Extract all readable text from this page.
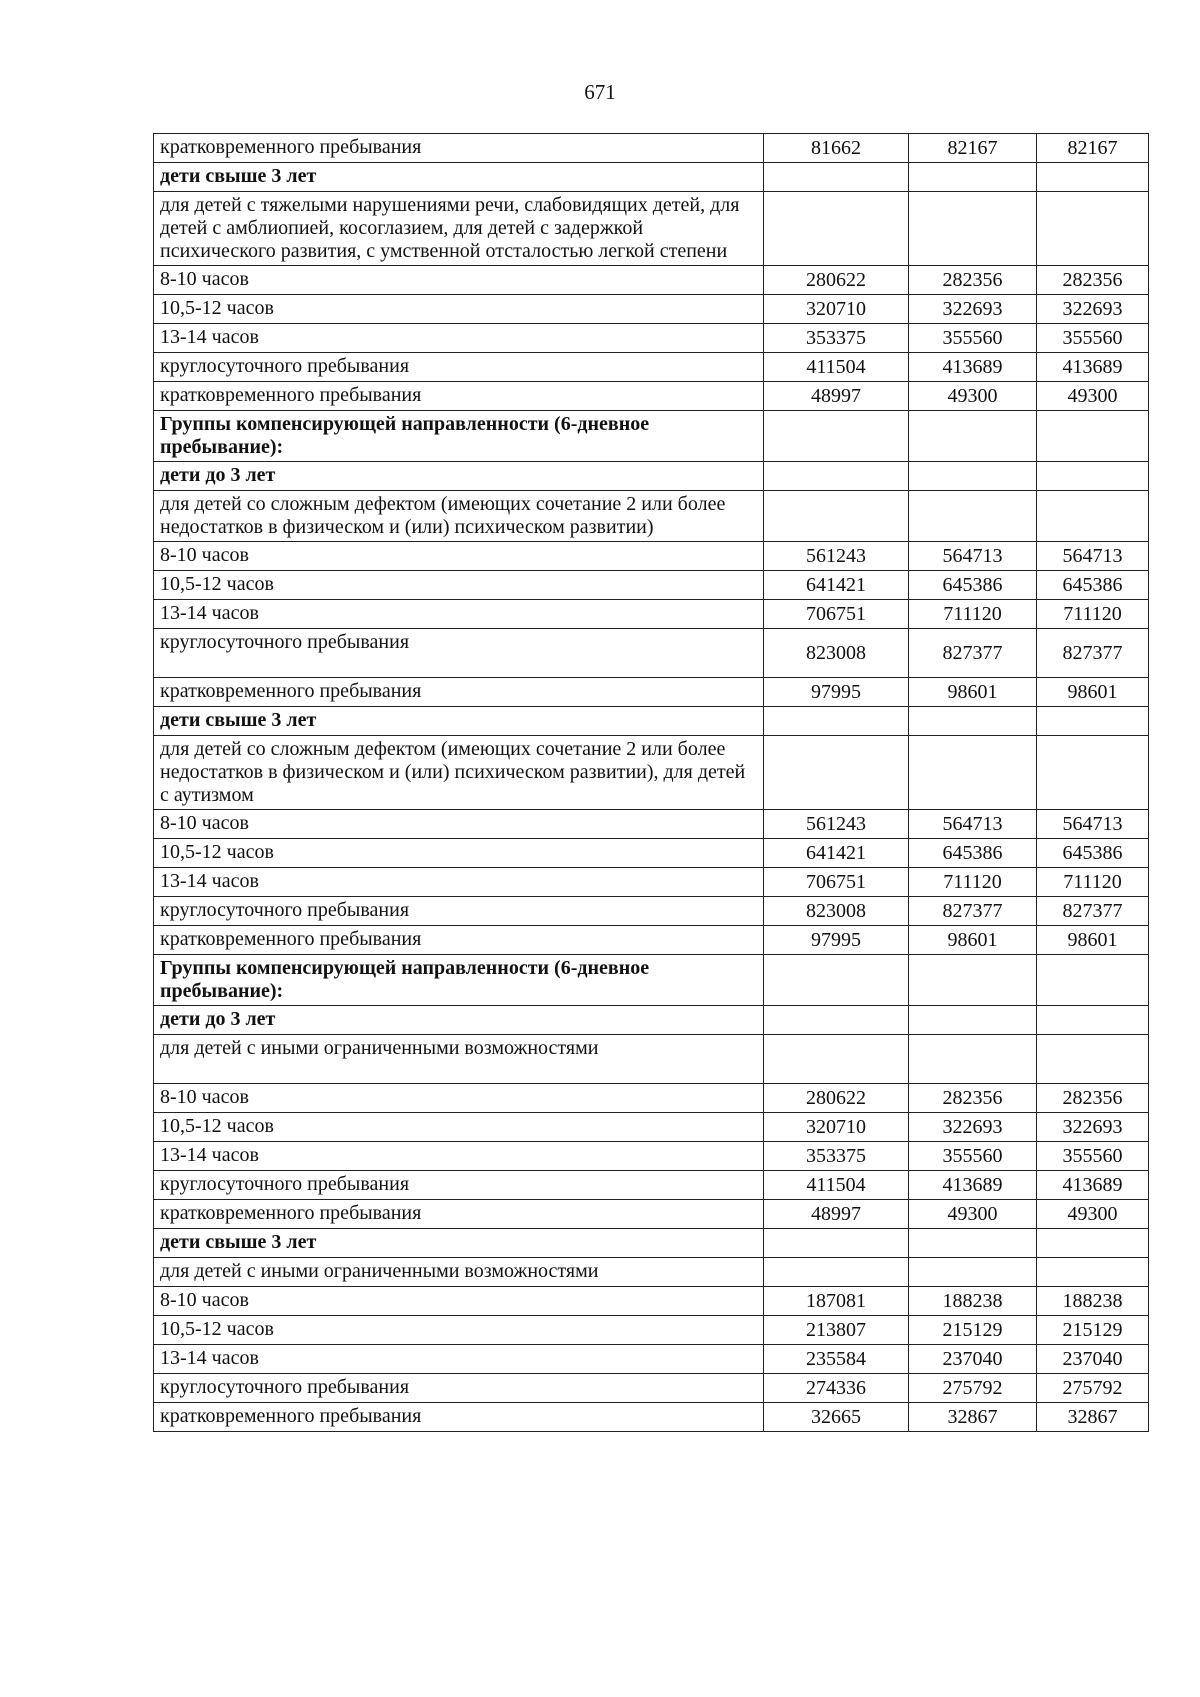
671
кратковременного пребывания	81662	82167	82167
дети свыше 3 лет			
для детей с тяжелыми нарушениями речи, слабовидящих детей, для детей с амблиопией, косоглазием, для детей с задержкой психического развития, с умственной отсталостью легкой степени			
8-10 часов	280622	282356	282356
10,5-12 часов	320710	322693	322693
13-14 часов	353375	355560	355560
круглосуточного пребывания	411504	413689	413689
кратковременного пребывания	48997	49300	49300
Группы компенсирующей направленности (6-дневное пребывание):			
дети до 3 лет			
для детей со сложным дефектом (имеющих сочетание 2 или более недостатков в физическом и (или) психическом развитии)			
8-10 часов	561243	564713	564713
10,5-12 часов	641421	645386	645386
13-14 часов	706751	711120	711120
круглосуточного пребывания	823008	827377	827377
кратковременного пребывания	97995	98601	98601
дети свыше 3 лет			
для детей со сложным дефектом (имеющих сочетание 2 или более недостатков в физическом и (или) психическом развитии), для детей с аутизмом			
8-10 часов	561243	564713	564713
10,5-12 часов	641421	645386	645386
13-14 часов	706751	711120	711120
круглосуточного пребывания	823008	827377	827377
кратковременного пребывания	97995	98601	98601
Группы компенсирующей направленности (6-дневное пребывание):			
дети до 3 лет			
для детей с иными ограниченными возможностями			
8-10 часов	280622	282356	282356
10,5-12 часов	320710	322693	322693
13-14 часов	353375	355560	355560
круглосуточного пребывания	411504	413689	413689
кратковременного пребывания	48997	49300	49300
дети свыше 3 лет			
для детей с иными ограниченными возможностями			
8-10 часов	187081	188238	188238
10,5-12 часов	213807	215129	215129
13-14 часов	235584	237040	237040
круглосуточного пребывания	274336	275792	275792
кратковременного пребывания	32665	32867	32867
